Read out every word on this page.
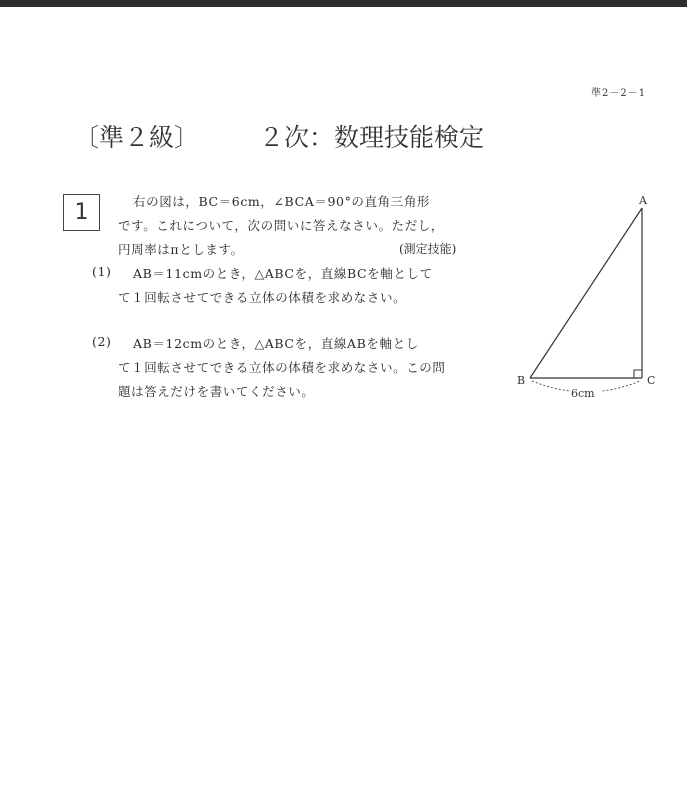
準2－2－1
〔準２級〕 ２次：数理技能検定
1	右の図は，BC＝6cm，∠BCA＝90°の直角三角形
です。これについて，次の問いに答えなさい。ただし，
円周率はπとします。	(測定技能)
(1) AB＝11cmのとき，△ABCを，直線BCを軸として
て１回転させてできる立体の体積を求めなさい。
(2) AB＝12cmのとき，△ABCを，直線ABを軸とし
て１回転させてできる立体の体積を求めなさい。この問
題は答えだけを書いてください。
A
B	C
6cm
